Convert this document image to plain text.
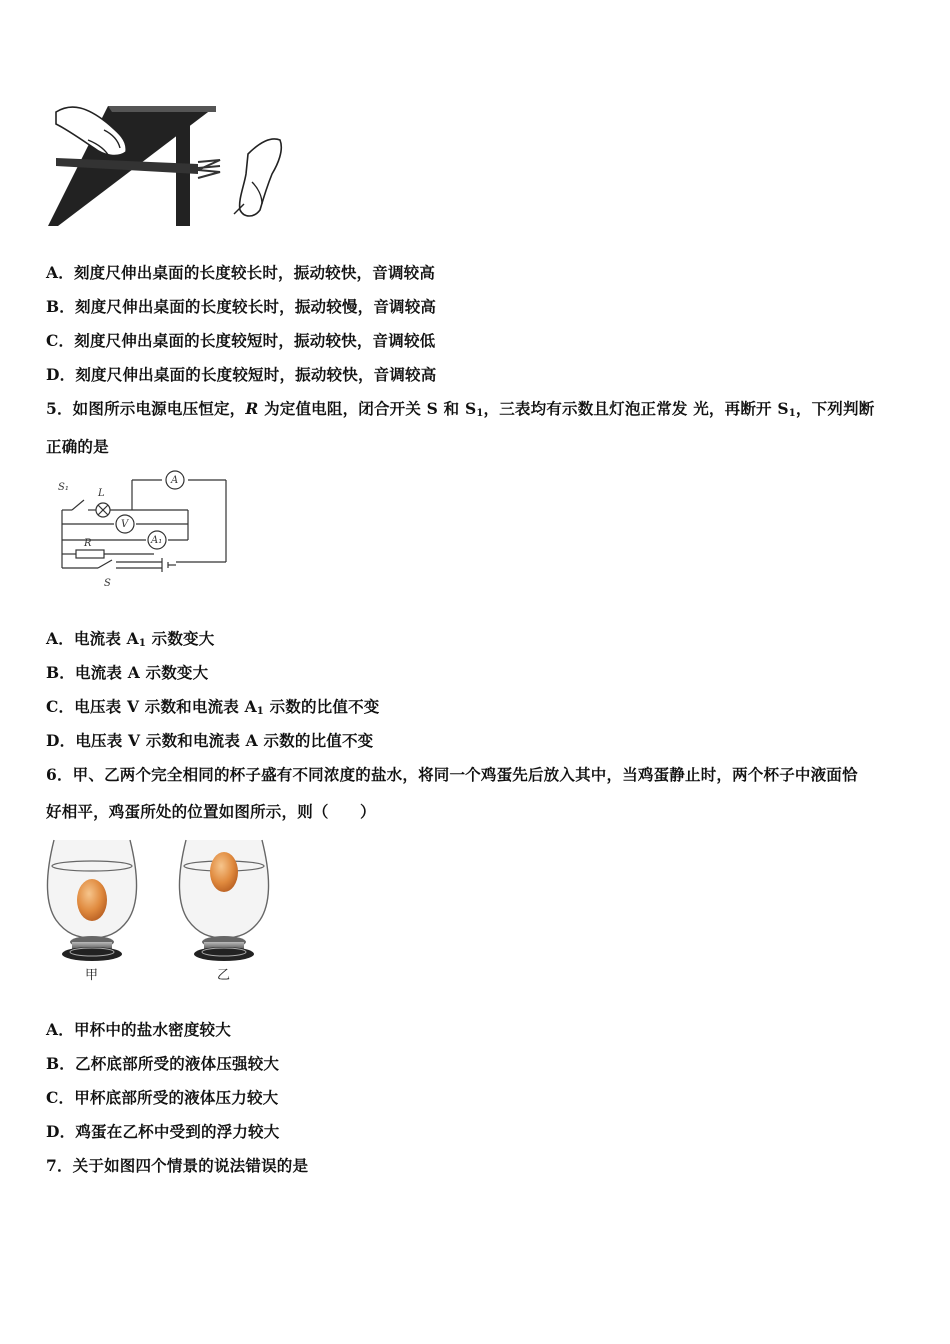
A．刻度尺伸出桌面的长度较长时，振动较快，音调较高
B．刻度尺伸出桌面的长度较长时，振动较慢，音调较高
C．刻度尺伸出桌面的长度较短时，振动较快，音调较低
D．刻度尺伸出桌面的长度较短时，振动较快，音调较高
5．如图所示电源电压恒定，R 为定值电阻，闭合开关 S 和 $S_1$，三表均有示数且灯泡正常发 光，再断开 $S_1$，下列判断
正确的是
S₁
L
A
V
A₁
R
S
A．电流表 $A_1$ 示数变大
B．电流表 A 示数变大
C．电压表 V 示数和电流表 $A_1$ 示数的比值不变
D．电压表 V 示数和电流表 A 示数的比值不变
6．甲、乙两个完全相同的杯子盛有不同浓度的盐水，将同一个鸡蛋先后放入其中，当鸡蛋静止时，两个杯子中液面恰
好相平，鸡蛋所处的位置如图所示，则（　　）
甲	乙
A．甲杯中的盐水密度较大
B．乙杯底部所受的液体压强较大
C．甲杯底部所受的液体压力较大
D．鸡蛋在乙杯中受到的浮力较大
7．关于如图四个情景的说法错误的是
